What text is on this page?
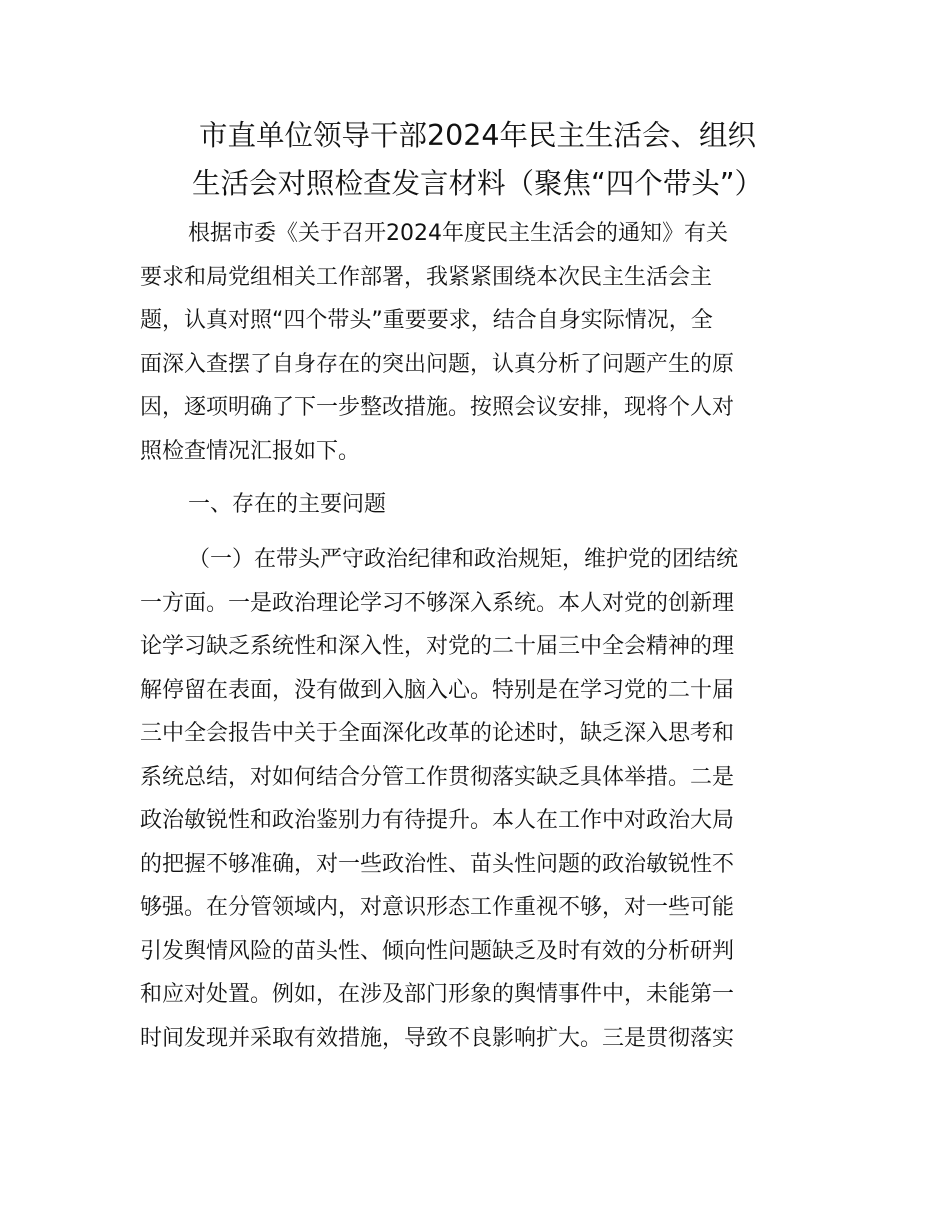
市直单位领导干部2024年民主生活会、组织
生活会对照检查发言材料（聚焦“四个带头”）
根据市委《关于召开2024年度民主生活会的通知》有关
要求和局党组相关工作部署，我紧紧围绕本次民主生活会主
题，认真对照“四个带头”重要要求，结合自身实际情况，全
面深入查摆了自身存在的突出问题，认真分析了问题产生的原
因，逐项明确了下一步整改措施。按照会议安排，现将个人对
照检查情况汇报如下。
一、存在的主要问题
（一）在带头严守政治纪律和政治规矩，维护党的团结统
一方面。一是政治理论学习不够深入系统。本人对党的创新理
论学习缺乏系统性和深入性，对党的二十届三中全会精神的理
解停留在表面，没有做到入脑入心。特别是在学习党的二十届
三中全会报告中关于全面深化改革的论述时，缺乏深入思考和
系统总结，对如何结合分管工作贯彻落实缺乏具体举措。二是
政治敏锐性和政治鉴别力有待提升。本人在工作中对政治大局
的把握不够准确，对一些政治性、苗头性问题的政治敏锐性不
够强。在分管领域内，对意识形态工作重视不够，对一些可能
引发舆情风险的苗头性、倾向性问题缺乏及时有效的分析研判
和应对处置。例如，在涉及部门形象的舆情事件中，未能第一
时间发现并采取有效措施，导致不良影响扩大。三是贯彻落实
